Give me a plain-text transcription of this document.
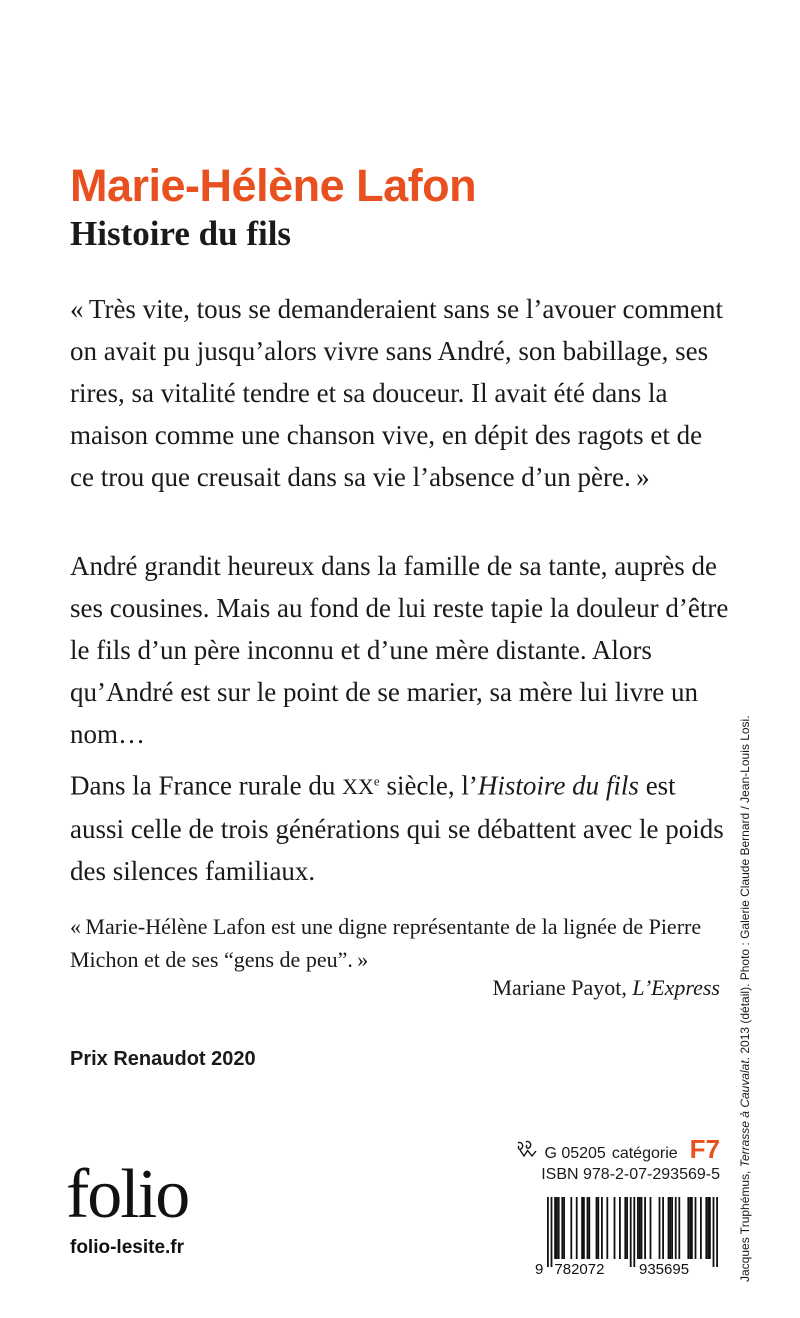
Marie-Hélène Lafon
Histoire du fils

« Très vite, tous se demanderaient sans se l’avouer comment on avait pu jusqu’alors vivre sans André, son babillage, ses rires, sa vitalité tendre et sa douceur. Il avait été dans la maison comme une chanson vive, en dépit des ragots et de ce trou que creusait dans sa vie l’absence d’un père. »

André grandit heureux dans la famille de sa tante, auprès de ses cousines. Mais au fond de lui reste tapie la douleur d’être le fils d’un père inconnu et d’une mère distante. Alors qu’André est sur le point de se marier, sa mère lui livre un nom…

Dans la France rurale du XXe siècle, l’Histoire du fils est aussi celle de trois générations qui se débattent avec le poids des silences familiaux.

« Marie-Hélène Lafon est une digne représentante de la lignée de Pierre Michon et de ses “gens de peu”. »

Mariane Payot, L’Express
Prix Renaudot 2020
folio
folio-lesite.fr
G 05205 catégorie F7
ISBN 978-2-07-293569-5
9 782072 935695	Jacques Truphémus, Terrasse à Cauvalat. 2013 (détail). Photo : Galerie Claude Bernard / Jean-Louis Losi.
